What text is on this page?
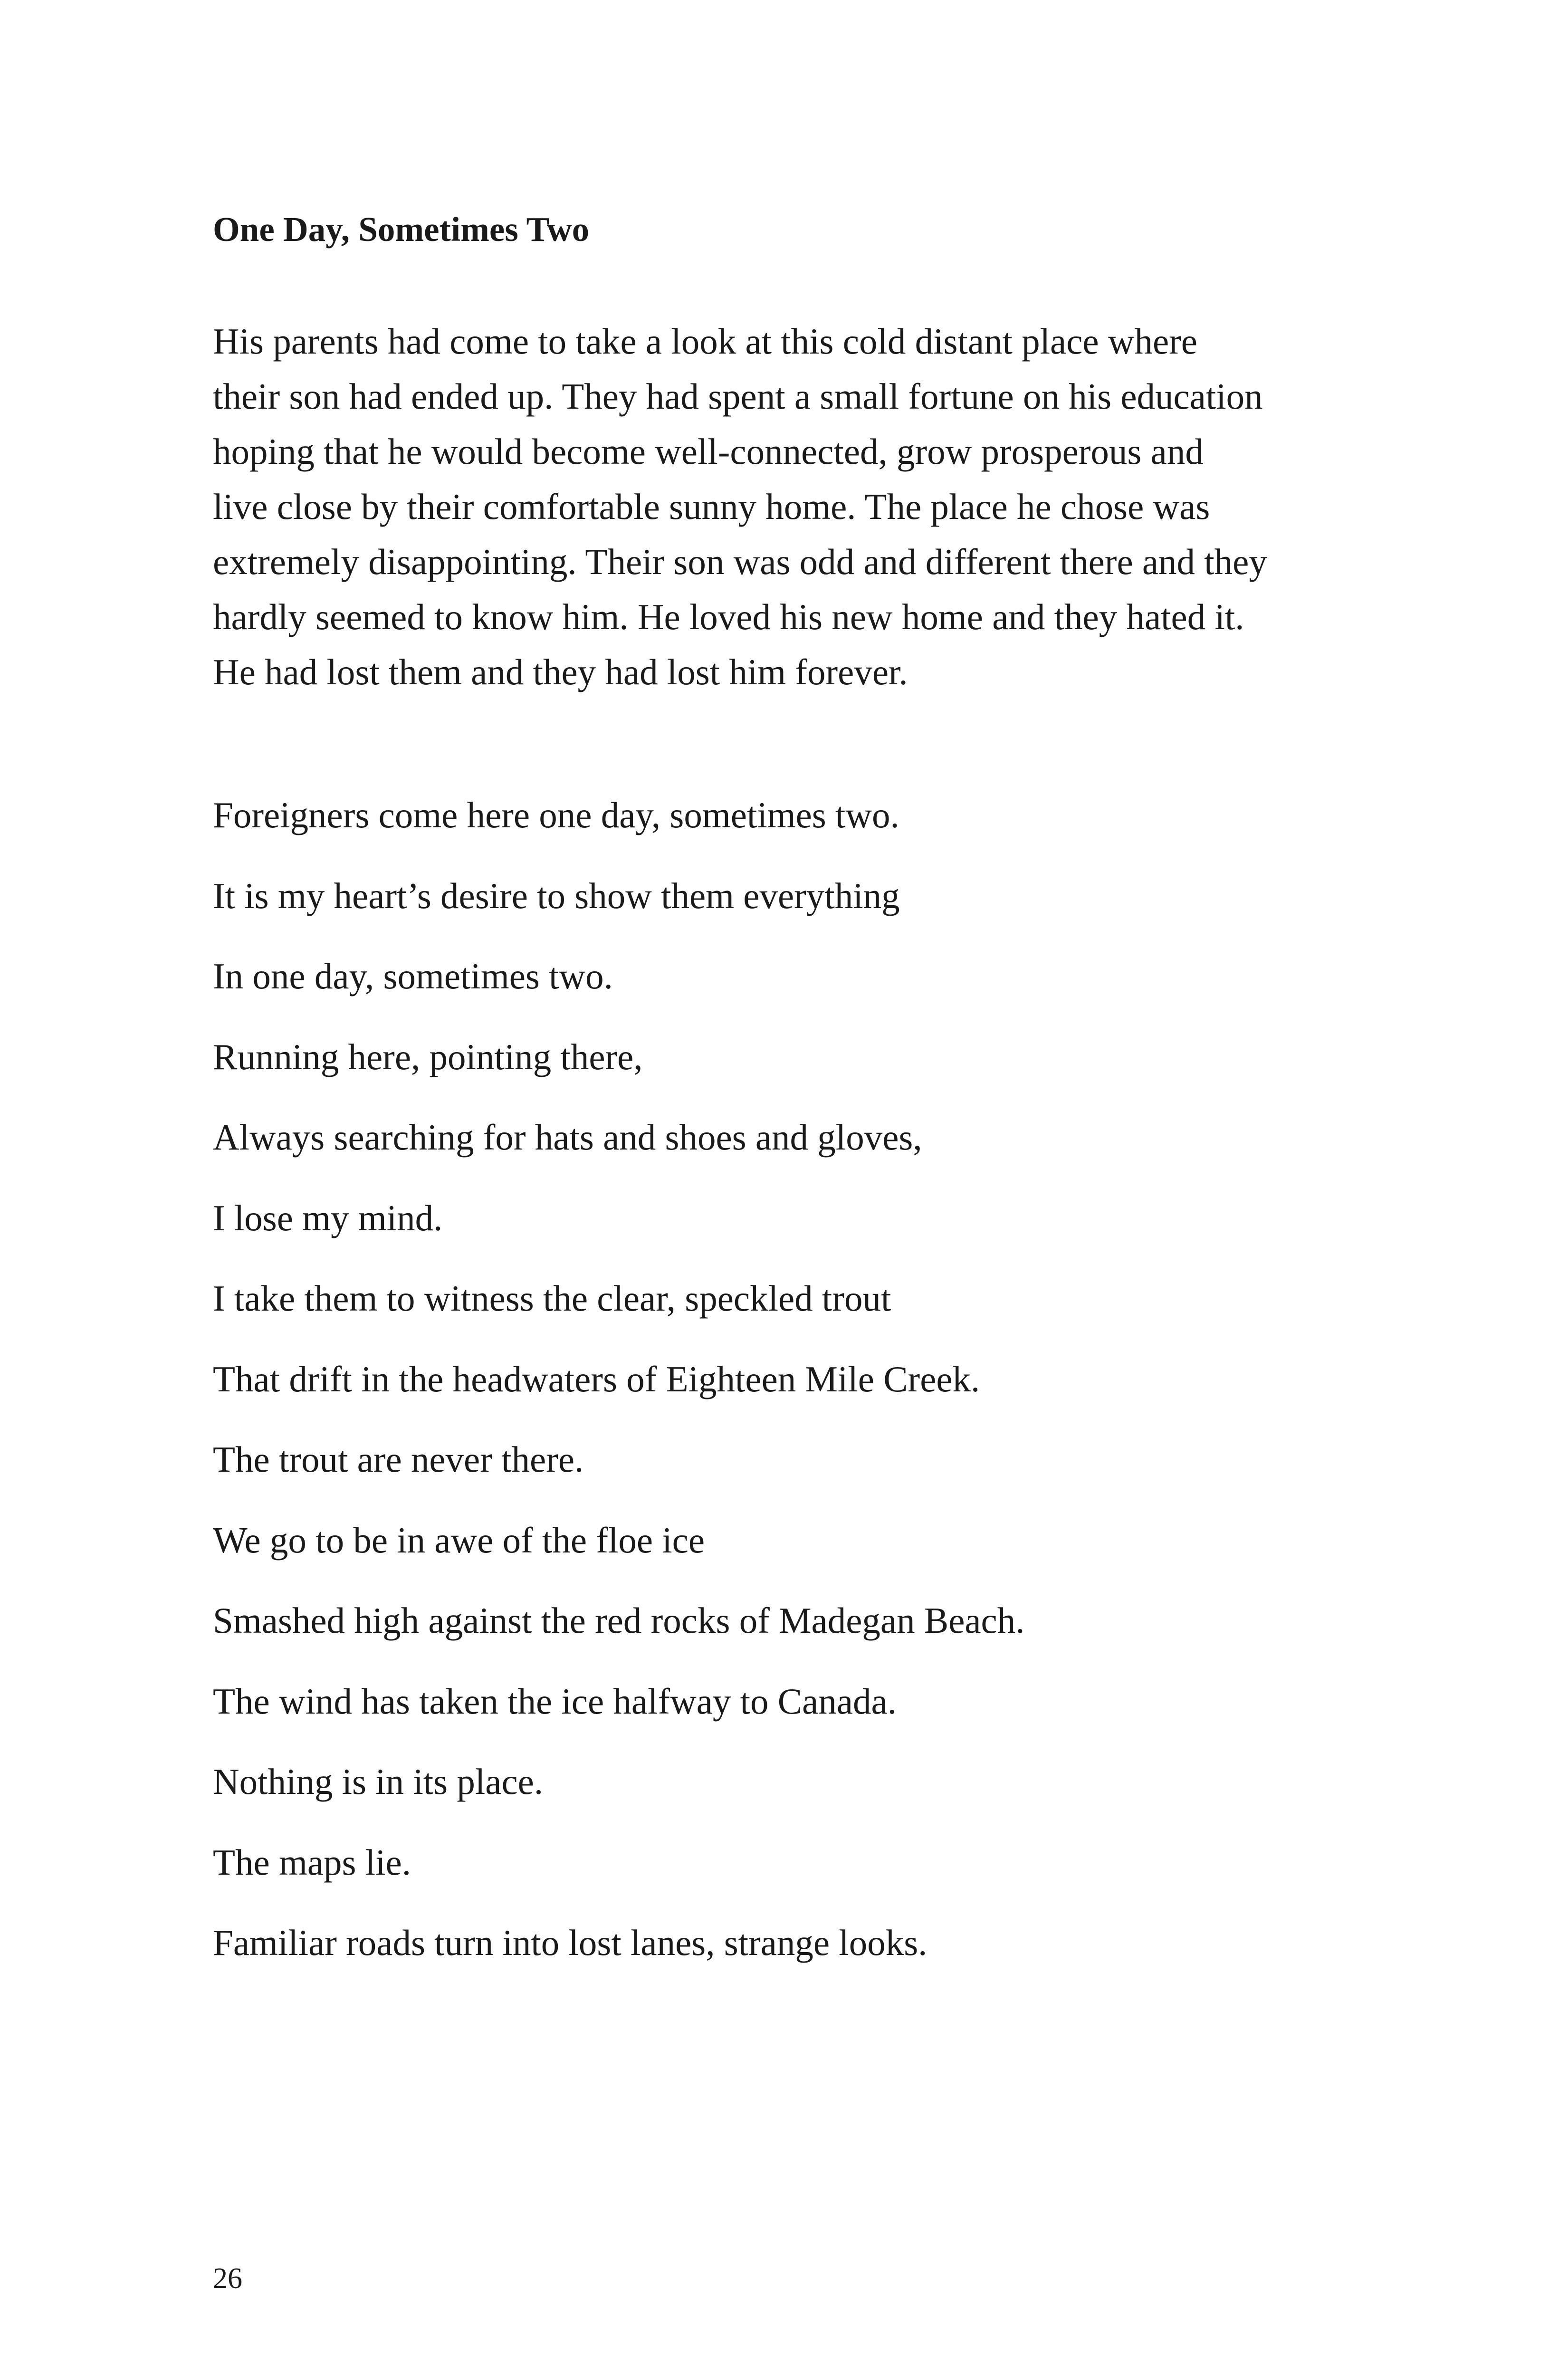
One Day, Sometimes Two
His parents had come to take a look at this cold distant place where
their son had ended up. They had spent a small fortune on his education
hoping that he would become well-connected, grow prosperous and
live close by their comfortable sunny home. The place he chose was
extremely disappointing. Their son was odd and different there and they
hardly seemed to know him. He loved his new home and they hated it.
He had lost them and they had lost him forever.
Foreigners come here one day, sometimes two.
It is my heart’s desire to show them everything
In one day, sometimes two.
Running here, pointing there,
Always searching for hats and shoes and gloves,
I lose my mind.
I take them to witness the clear, speckled trout
That drift in the headwaters of Eighteen Mile Creek.
The trout are never there.
We go to be in awe of the floe ice
Smashed high against the red rocks of Madegan Beach.
The wind has taken the ice halfway to Canada.
Nothing is in its place.
The maps lie.
Familiar roads turn into lost lanes, strange looks.
26
